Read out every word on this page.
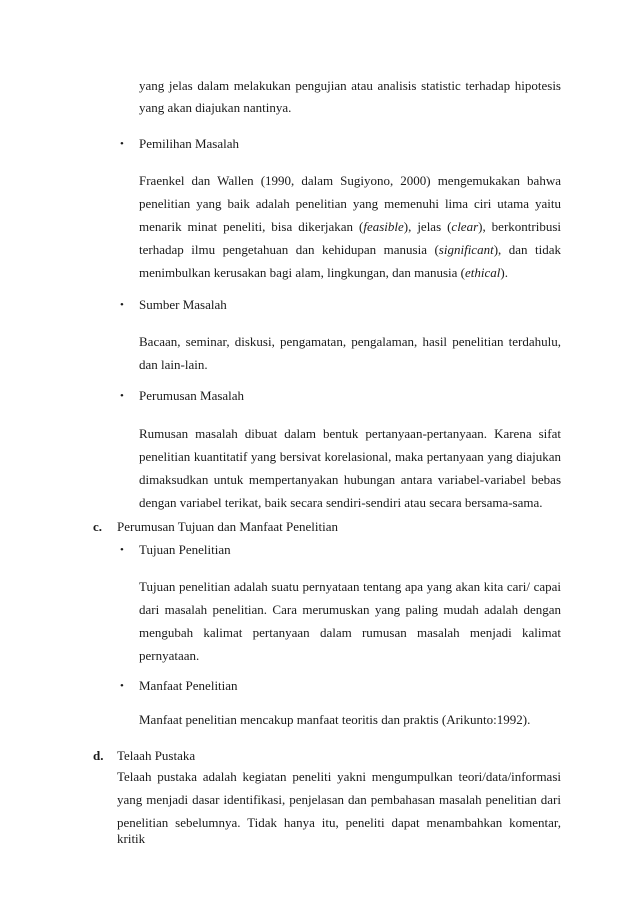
yang jelas dalam melakukan pengujian atau analisis statistic terhadap hipotesis
yang akan diajukan nantinya.
• Pemilihan Masalah
Fraenkel dan Wallen (1990, dalam Sugiyono, 2000) mengemukakan bahwa
penelitian yang baik adalah penelitian yang memenuhi lima ciri utama yaitu
menarik minat peneliti, bisa dikerjakan (feasible), jelas (clear), berkontribusi
terhadap ilmu pengetahuan dan kehidupan manusia (significant), dan tidak
menimbulkan kerusakan bagi alam, lingkungan, dan manusia (ethical).
• Sumber Masalah
Bacaan, seminar, diskusi, pengamatan, pengalaman, hasil penelitian terdahulu,
dan lain-lain.
• Perumusan Masalah
Rumusan masalah dibuat dalam bentuk pertanyaan-pertanyaan. Karena sifat
penelitian kuantitatif yang bersivat korelasional, maka pertanyaan yang diajukan
dimaksudkan untuk mempertanyakan hubungan antara variabel-variabel bebas
dengan variabel terikat, baik secara sendiri-sendiri atau secara bersama-sama.
c. Perumusan Tujuan dan Manfaat Penelitian
• Tujuan Penelitian
Tujuan penelitian adalah suatu pernyataan tentang apa yang akan kita cari/ capai
dari masalah penelitian. Cara merumuskan yang paling mudah adalah dengan
mengubah kalimat pertanyaan dalam rumusan masalah menjadi kalimat
pernyataan.
• Manfaat Penelitian
Manfaat penelitian mencakup manfaat teoritis dan praktis (Arikunto:1992).
d. Telaah Pustaka
Telaah pustaka adalah kegiatan peneliti yakni mengumpulkan teori/data/informasi
yang menjadi dasar identifikasi, penjelasan dan pembahasan masalah penelitian dari
penelitian sebelumnya. Tidak hanya itu, peneliti dapat menambahkan komentar, kritik
